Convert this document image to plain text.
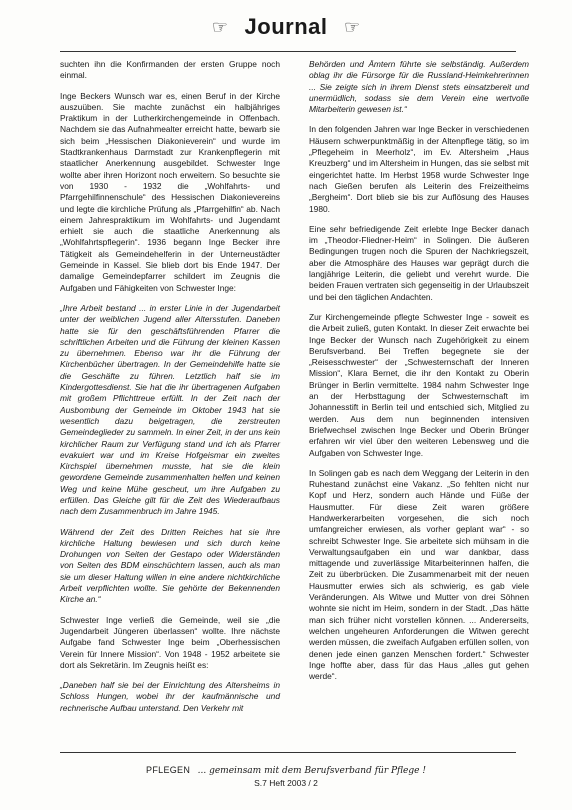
☞ Journal ☞

suchten ihn die Konfirmanden der ersten Gruppe noch einmal.

Inge Beckers Wunsch war es, einen Beruf in der Kirche auszuüben. Sie machte zunächst ein halbjähriges Praktikum in der Lutherkirchengemeinde in Offenbach. Nachdem sie das Aufnahmealter erreicht hatte, bewarb sie sich beim „Hessischen Diakonieverein“ und wurde im Stadtkrankenhaus Darmstadt zur Krankenpflegerin mit staatlicher Anerkennung ausgebildet. Schwester Inge wollte aber ihren Horizont noch erweitern. So besuchte sie von 1930 - 1932 die „Wohlfahrts- und Pfarrgehilfinnenschule“ des Hessischen Diakonievereins und legte die kirchliche Prüfung als „Pfarrgehilfin“ ab. Nach einem Jahrespraktikum im Wohlfahrts- und Jugendamt erhielt sie auch die staatliche Anerkennung als „Wohlfahrtspflegerin“. 1936 begann Inge Becker ihre Tätigkeit als Gemeindehelferin in der Unterneustädter Gemeinde in Kassel. Sie blieb dort bis Ende 1947. Der damalige Gemeindepfarrer schildert im Zeugnis die Aufgaben und Fähigkeiten von Schwester Inge:

„Ihre Arbeit bestand ... in erster Linie in der Jugendarbeit unter der weiblichen Jugend aller Altersstufen. Daneben hatte sie für den geschäftsführenden Pfarrer die schriftlichen Arbeiten und die Führung der kleinen Kassen zu übernehmen. Ebenso war ihr die Führung der Kirchenbücher übertragen. In der Gemeindehilfe hatte sie die Geschäfte zu führen. Letztlich half sie im Kindergottesdienst. Sie hat die ihr übertragenen Aufgaben mit großem Pflichttreue erfüllt. In der Zeit nach der Ausbombung der Gemeinde im Oktober 1943 hat sie wesentlich dazu beigetragen, die zerstreuten Gemeindeglieder zu sammeln. In einer Zeit, in der uns kein kirchlicher Raum zur Verfügung stand und ich als Pfarrer evakuiert war und im Kreise Hofgeismar ein zweites Kirchspiel übernehmen musste, hat sie die klein gewordene Gemeinde zusammenhalten helfen und keinen Weg und keine Mühe gescheut, um ihre Aufgaben zu erfüllen. Das Gleiche gilt für die Zeit des Wiederaufbaus nach dem Zusammenbruch im Jahre 1945.

Während der Zeit des Dritten Reiches hat sie ihre kirchliche Haltung bewiesen und sich durch keine Drohungen von Seiten der Gestapo oder Widerständen von Seiten des BDM einschüchtern lassen, auch als man sie um dieser Haltung willen in eine andere nichtkirchliche Arbeit verpflichten wollte. Sie gehörte der Bekennenden Kirche an.“

Schwester Inge verließ die Gemeinde, weil sie „die Jugendarbeit Jüngeren überlassen“ wollte. Ihre nächste Aufgabe fand Schwester Inge beim „Oberhessischen Verein für Innere Mission“. Von 1948 - 1952 arbeitete sie dort als Sekretärin. Im Zeugnis heißt es:

„Daneben half sie bei der Einrichtung des Altersheims in Schloss Hungen, wobei ihr der kaufmännische und rechnerische Aufbau unterstand. Den Verkehr mit

Behörden und Ämtern führte sie selbständig. Außerdem oblag ihr die Fürsorge für die Russland-Heimkehrerinnen ... Sie zeigte sich in ihrem Dienst stets einsatzbereit und unermüdlich, sodass sie dem Verein eine wertvolle Mitarbeiterin gewesen ist.“

In den folgenden Jahren war Inge Becker in verschiedenen Häusern schwerpunktmäßig in der Altenpflege tätig, so im „Pflegeheim in Meerholz“, im Ev. Altersheim „Haus Kreuzberg“ und im Altersheim in Hungen, das sie selbst mit eingerichtet hatte. Im Herbst 1958 wurde Schwester Inge nach Gießen berufen als Leiterin des Freizeitheims „Bergheim“. Dort blieb sie bis zur Auflösung des Hauses 1980.

Eine sehr befriedigende Zeit erlebte Inge Becker danach im „Theodor-Fliedner-Heim“ in Solingen. Die äußeren Bedingungen trugen noch die Spuren der Nachkriegszeit, aber die Atmosphäre des Hauses war geprägt durch die langjährige Leiterin, die geliebt und verehrt wurde. Die beiden Frauen vertraten sich gegenseitig in der Urlaubszeit und bei den täglichen Andachten.

Zur Kirchengemeinde pflegte Schwester Inge - soweit es die Arbeit zuließ, guten Kontakt. In dieser Zeit erwachte bei Inge Becker der Wunsch nach Zugehörigkeit zu einem Berufsverband. Bei Treffen begegnete sie der „Reisesschwester“ der „Schwesternschaft der Inneren Mission“, Klara Bernet, die ihr den Kontakt zu Oberin Brünger in Berlin vermittelte. 1984 nahm Schwester Inge an der Herbsttagung der Schwesternschaft im Johannesstift in Berlin teil und entschied sich, Mitglied zu werden. Aus dem nun beginnenden intensiven Briefwechsel zwischen Inge Becker und Oberin Brünger erfahren wir viel über den weiteren Lebensweg und die Aufgaben von Schwester Inge.

In Solingen gab es nach dem Weggang der Leiterin in den Ruhestand zunächst eine Vakanz. „So fehlten nicht nur Kopf und Herz, sondern auch Hände und Füße der Hausmutter. Für diese Zeit waren größere Handwerkerarbeiten vorgesehen, die sich noch umfangreicher erwiesen, als vorher geplant war“ - so schreibt Schwester Inge. Sie arbeitete sich mühsam in die Verwaltungsaufgaben ein und war dankbar, dass mittagende und zuverlässige Mitarbeiterinnen halfen, die Zeit zu überbrücken. Die Zusammenarbeit mit der neuen Hausmutter erwies sich als schwierig, es gab viele Veränderungen. Als Witwe und Mutter von drei Söhnen wohnte sie nicht im Heim, sondern in der Stadt. „Das hätte man sich früher nicht vorstellen können. ... Andererseits, welchen ungeheuren Anforderungen die Witwen gerecht werden müssen, die zweifach Aufgaben erfüllen sollen, von denen jede einen ganzen Menschen fordert.“ Schwester Inge hoffte aber, dass für das Haus „alles gut gehen werde“.

PFLEGEN ... gemeinsam mit dem Berufsverband für Pflege !
S.7 Heft 2003 / 2
